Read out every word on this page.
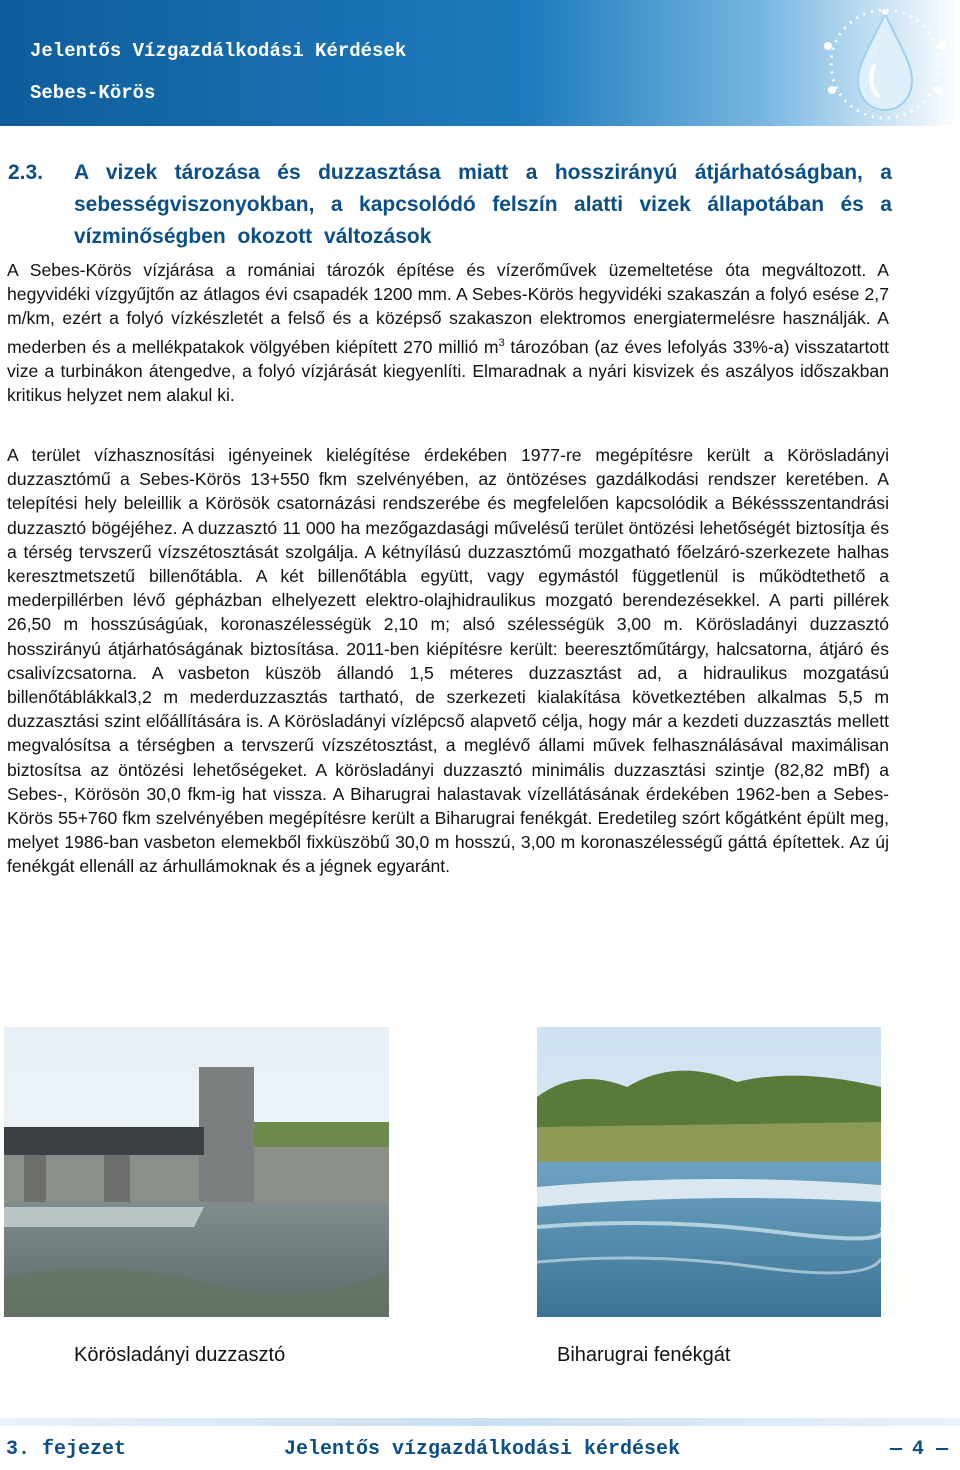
Jelentős Vízgazdálkodási Kérdések
Sebes-Körös
2.3. A vizek tározása és duzzasztása miatt a hosszirányú átjárhatóságban, a sebességviszonyokban, a kapcsolódó felszín alatti vizek állapotában és a vízminőségben okozott változások
A Sebes-Körös vízjárása a romániai tározók építése és vízerőművek üzemeltetése óta megváltozott. A hegyvidéki vízgyűjtőn az átlagos évi csapadék 1200 mm. A Sebes-Körös hegyvidéki szakaszán a folyó esése 2,7 m/km, ezért a folyó vízkészletét a felső és a középső szakaszon elektromos energiatermelésre használják. A mederben és a mellékpatakok völgyében kiépített 270 millió $m^3$ tározóban (az éves lefolyás 33%-a) visszatartott vize a turbinákon átengedve, a folyó vízjárását kiegyenlíti. Elmaradnak a nyári kisvizek és aszályos időszakban kritikus helyzet nem alakul ki.
A terület vízhasznosítási igényeinek kielégítése érdekében 1977-re megépítésre került a Körösladányi duzzasztómű a Sebes-Körös 13+550 fkm szelvényében, az öntözéses gazdálkodási rendszer keretében. A telepítési hely beleillik a Körösök csatornázási rendszerébe és megfelelően kapcsolódik a Békéssszentandrási duzzasztó bögéjéhez. A duzzasztó 11 000 ha mezőgazdasági művelésű terület öntözési lehetőségét biztosítja és a térség tervszerű vízszétosztását szolgálja. A kétnyílású duzzasztómű mozgatható főelzáró-szerkezete halhas keresztmetszetű billenőtábla. A két billenőtábla együtt, vagy egymástól függetlenül is működtethető a mederpillérben lévő gépházban elhelyezett elektro-olajhidraulikus mozgató berendezésekkel. A parti pillérek 26,50 m hosszúságúak, koronaszélességük 2,10 m; alsó szélességük 3,00 m. Körösladányi duzzasztó hosszirányú átjárhatóságának biztosítása. 2011-ben kiépítésre került: beeresztőműtárgy, halcsatorna, átjáró és csalivízcsatorna. A vasbeton küszöb állandó 1,5 méteres duzzasztást ad, a hidraulikus mozgatású billenőtáblákkal3,2 m mederduzzasztás tartható, de szerkezeti kialakítása következtében alkalmas 5,5 m duzzasztási szint előállítására is. A Körösladányi vízlépcső alapvető célja, hogy már a kezdeti duzzasztás mellett megvalósítsa a térségben a tervszerű vízszétosztást, a meglévő állami művek felhasználásával maximálisan biztosítsa az öntözési lehetőségeket. A körösladányi duzzasztó minimális duzzasztási szintje (82,82 mBf) a Sebes-, Körösön 30,0 fkm-ig hat vissza. A Biharugrai halastavak vízellátásának érdekében 1962-ben a Sebes-Körös 55+760 fkm szelvényében megépítésre került a Biharugrai fenékgát. Eredetileg szórt kőgátként épült meg, melyet 1986-ban vasbeton elemekből fixküszöbű 30,0 m hosszú, 3,00 m koronaszélességű gáttá építettek. Az új fenékgát ellenáll az árhullámoknak és a jégnek egyaránt.
Körösladányi duzzasztó	Biharugrai fenékgát
3. fejezet	Jelentős vízgazdálkodási kérdések	— 4 —
